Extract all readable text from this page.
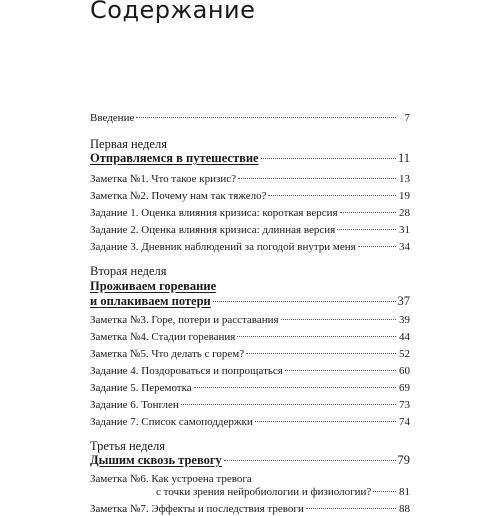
Содержание
Введение	7
Первая неделя
Отправляемся в путешествие	11
Заметка №1. Что такое кризис?	13
Заметка №2. Почему нам так тяжело?	19
Задание 1. Оценка влияния кризиса: короткая версия	28
Задание 2. Оценка влияния кризиса: длинная версия	31
Задание 3. Дневник наблюдений за погодой внутри меня	34
Вторая неделя
Проживаем горевание
и оплакиваем потери	37
Заметка №3. Горе, потери и расставания	39
Заметка №4. Стадии горевания	44
Заметка №5. Что делать с горем?	52
Задание 4. Поздороваться и попрощаться	60
Задание 5. Перемотка	69
Задание 6. Тонглен	73
Задание 7. Список самоподдержки	74
Третья неделя
Дышим сквозь тревогу	79
Заметка №6. Как устроена тревога
с точки зрения нейробиологии и физиологии?	81
Заметка №7. Эффекты и последствия тревоги	88
